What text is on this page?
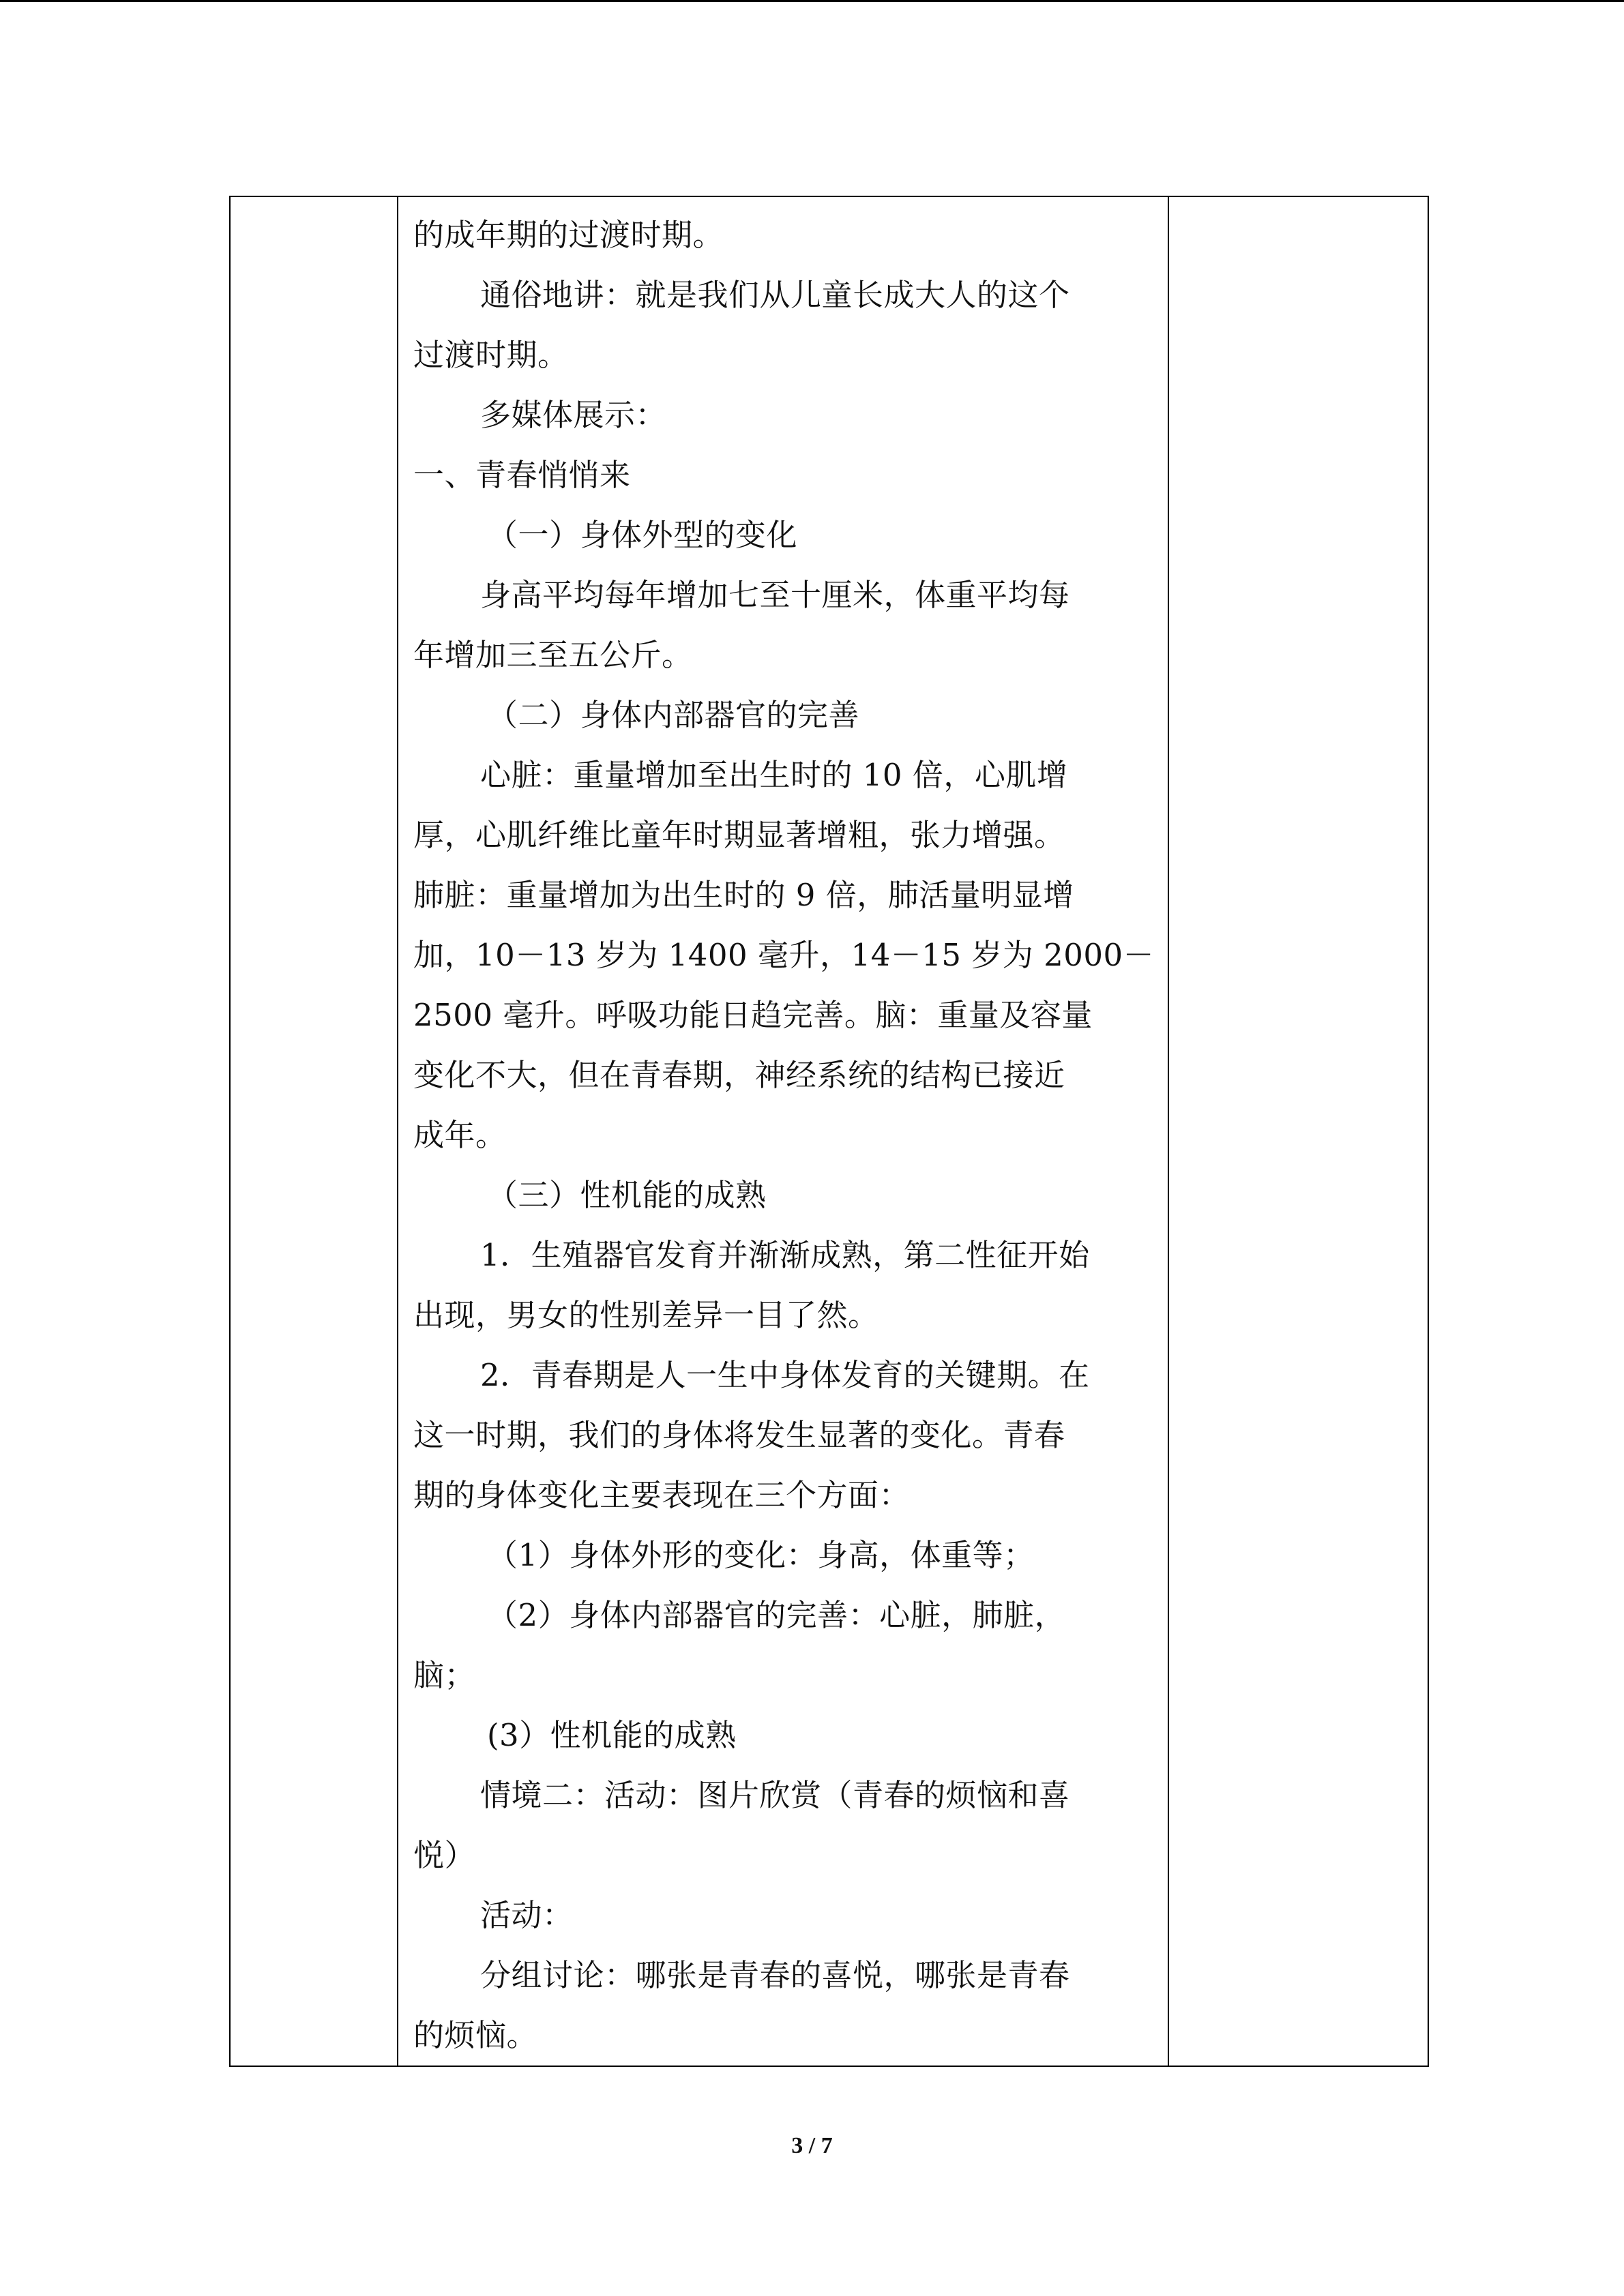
的成年期的过渡时期。
通俗地讲：就是我们从儿童长成大人的这个
过渡时期。
多媒体展示：
一、青春悄悄来
（一）身体外型的变化
身高平均每年增加七至十厘米，体重平均每
年增加三至五公斤。
（二）身体内部器官的完善
心脏：重量增加至出生时的 10 倍，心肌增
厚，心肌纤维比童年时期显著增粗，张力增强。
肺脏：重量增加为出生时的 9 倍，肺活量明显增
加，10－13 岁为 1400 毫升，14－15 岁为 2000－
2500 毫升。呼吸功能日趋完善。脑：重量及容量
变化不大，但在青春期，神经系统的结构已接近
成年。
（三）性机能的成熟
1．生殖器官发育并渐渐成熟，第二性征开始
出现，男女的性别差异一目了然。
2．青春期是人一生中身体发育的关键期。在
这一时期，我们的身体将发生显著的变化。青春
期的身体变化主要表现在三个方面：
（1）身体外形的变化：身高，体重等；
（2）身体内部器官的完善：心脏，肺脏，
脑；
(3）性机能的成熟
情境二：活动：图片欣赏（青春的烦恼和喜
悦）
活动：
分组讨论：哪张是青春的喜悦，哪张是青春
的烦恼。

3 / 7
